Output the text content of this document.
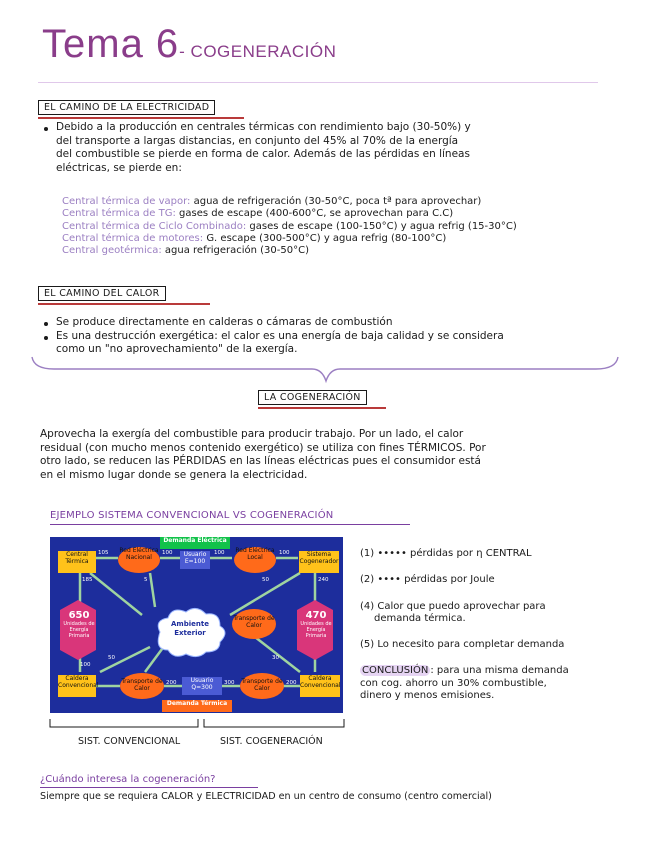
Tema 6- COGENERACIÓN
EL CAMINO DE LA ELECTRICIDAD
Debido a la producción en centrales térmicas con rendimiento bajo (30-50%) y
del transporte a largas distancias, en conjunto del 45% al 70% de la energía
del combustible se pierde en forma de calor. Además de las pérdidas en líneas
eléctricas, se pierde en:
Central térmica de vapor: agua de refrigeración (30-50°C, poca tª para aprovechar)
Central térmica de TG: gases de escape (400-600°C, se aprovechan para C.C)
Central térmica de Ciclo Combinado: gases de escape (100-150°C) y agua refrig (15-30°C)
Central térmica de motores: G. escape (300-500°C) y agua refrig (80-100°C)
Central geotérmica: agua refrigeración (30-50°C)
EL CAMINO DEL CALOR
Se produce directamente en calderas o cámaras de combustión
Es una destrucción exergética: el calor es una energía de baja calidad y se considera
como un "no aprovechamiento" de la exergía.
LA COGENERACIÓN
Aprovecha la exergía del combustible para producir trabajo. Por un lado, el calor
residual (con mucho menos contenido exergético) se utiliza con fines TÉRMICOS. Por
otro lado, se reducen las PÉRDIDAS en las líneas eléctricas pues el consumidor está
en el mismo lugar donde se genera la electricidad.
EJEMPLO SISTEMA CONVENCIONAL VS COGENERACIÓN
Demanda Eléctrica
Central Térmica
Red Eléctrica Nacional	Usuario E=100
Red Eléctrica Local	Sistema Cogenerador
Ambiente Exterior
Transporte de Calor
650
Unidades de Energía Primaria
470
Unidades de Energía Primaria
Caldera Convencional
Transporte de Calor
Usuario Q=300
Transporte de Calor
Caldera Convencional
Demanda Térmica
105	100	100	100
5
185	240
50
100
50	30
200	300	200
SIST. CONVENCIONAL	SIST. COGENERACIÓN
(1) ••••• pérdidas por η CENTRAL
(2) •••• pérdidas por Joule
(4) Calor que puedo aprovechar para
demanda térmica.
(5) Lo necesito para completar demanda
CONCLUSIÓN : para una misma demanda
con cog. ahorro un 30% combustible,
dinero y menos emisiones.
¿Cuándo interesa la cogeneración?
Siempre que se requiera CALOR y ELECTRICIDAD en un centro de consumo (centro comercial)
